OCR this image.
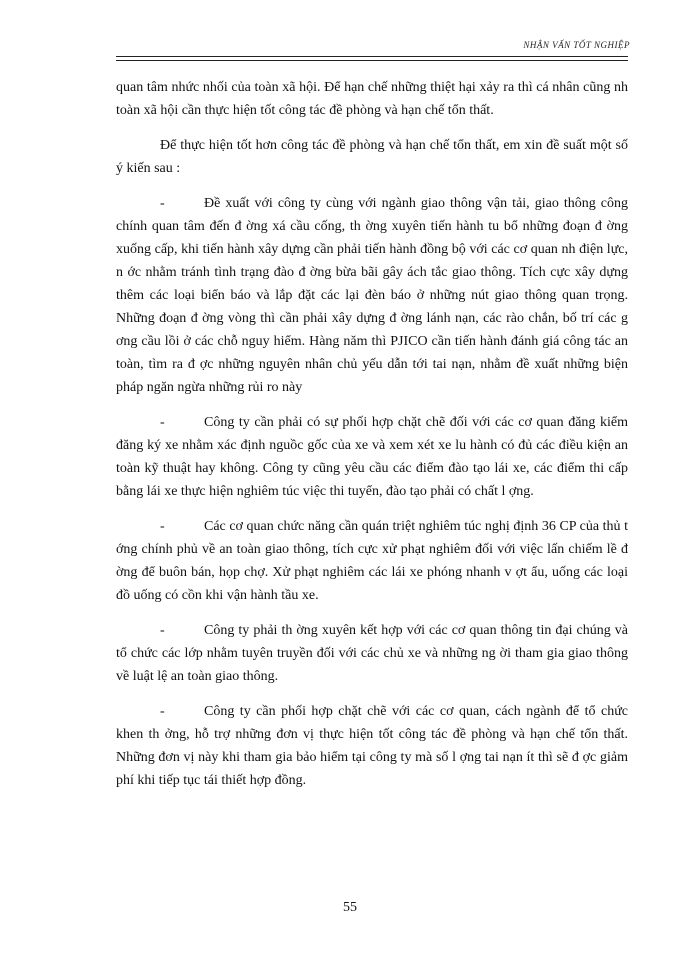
NHẬN VẤN TỐT NGHIỆP

quan tâm nhức nhối của toàn xã hội. Để hạn chế những thiệt hại xảy ra thì cá nhân cũng nh toàn xã hội cần thực hiện tốt công tác đề phòng và hạn chế tổn thất.

Để thực hiện tốt hơn công tác đề phòng và hạn chế tổn thất, em xin đề suất một số ý kiến sau :

-	Đề xuất với công ty cùng với ngành giao thông vận tải, giao thông công chính quan tâm đến đ ờng xá cầu cống, th ờng xuyên tiến hành tu bổ những đoạn đ ờng xuống cấp, khi tiến hành xây dựng cần phải tiến hành đồng bộ với các cơ quan nh điện lực, n ớc nhằm tránh tình trạng đào đ ờng bừa bãi gây ách tắc giao thông. Tích cực xây dựng thêm các loại biển báo và lắp đặt các lại đèn báo ở những nút giao thông quan trọng. Những đoạn đ ờng vòng thì cần phải xây dựng đ ờng lánh nạn, các rào chắn, bố trí các g ơng cầu lồi ở các chỗ nguy hiểm. Hàng năm thì PJICO cần tiến hành đánh giá công tác an toàn, tìm ra đ ợc những nguyên nhân chủ yếu dẫn tới tai nạn, nhằm đề xuất những biện pháp ngăn ngừa những rủi ro này

-	Công ty cần phải có sự phối hợp chặt chẽ đối với các cơ quan đăng kiểm đăng ký xe nhằm xác định nguồc gốc của xe và xem xét xe lu hành có đủ các điều kiện an toàn kỹ thuật hay không. Công ty cũng yêu cầu các điểm đào tạo lái xe, các điểm thi cấp bằng lái xe thực hiện nghiêm túc việc thi tuyển, đào tạo phải có chất l ợng.

-	Các cơ quan chức năng cần quán triệt nghiêm túc nghị định 36 CP của thủ t ớng chính phủ về an toàn giao thông, tích cực xử phạt nghiêm đối với việc lấn chiếm lề đ ờng để buôn bán, họp chợ. Xử phạt nghiêm các lái xe phóng nhanh v ợt ẩu, uống các loại đồ uống có cồn khi vận hành tầu xe.

-	Công ty phải th ờng xuyên kết hợp với các cơ quan thông tin đại chúng và tổ chức các lớp nhằm tuyên truyền đối với các chủ xe và những ng ời tham gia giao thông về luật lệ an toàn giao thông.

-	Công ty cần phối hợp chặt chẽ với các cơ quan, cách ngành để tổ chức khen th ởng, hỗ trợ những đơn vị thực hiện tốt công tác đề phòng và hạn chế tổn thất. Những đơn vị này khi tham gia bảo hiểm tại công ty mà số l ợng tai nạn ít thì sẽ đ ợc giảm phí khi tiếp tục tái thiết hợp đồng.

55
